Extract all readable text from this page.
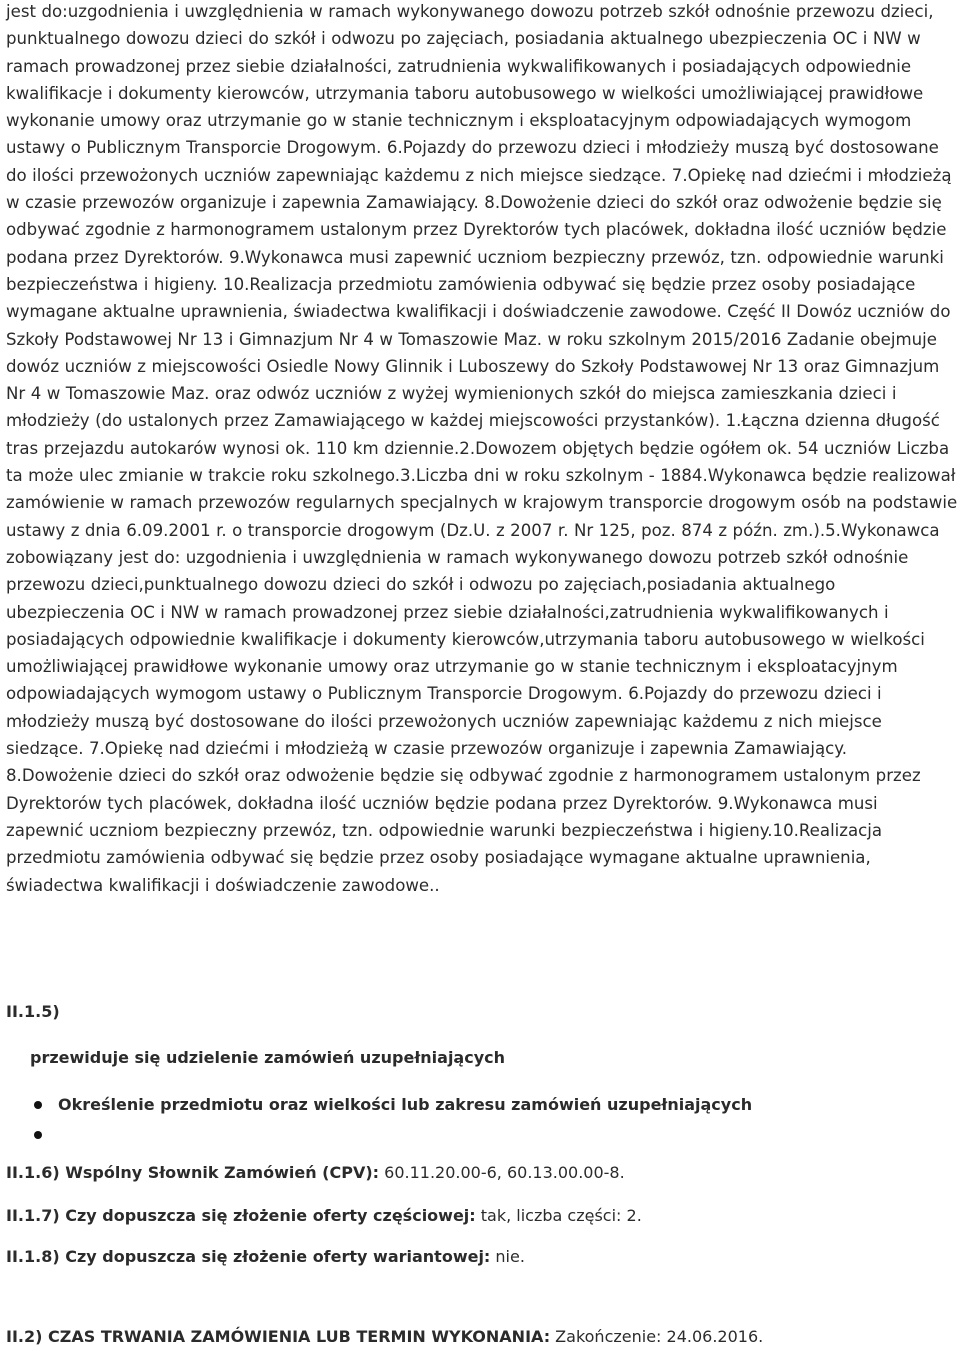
jest do:uzgodnienia i uwzględnienia w ramach wykonywanego dowozu potrzeb szkół odnośnie przewozu dzieci, punktualnego dowozu dzieci do szkół i odwozu po zajęciach, posiadania aktualnego ubezpieczenia OC i NW w ramach prowadzonej przez siebie działalności, zatrudnienia wykwalifikowanych i posiadających odpowiednie kwalifikacje i dokumenty kierowców, utrzymania taboru autobusowego w wielkości umożliwiającej prawidłowe wykonanie umowy oraz utrzymanie go w stanie technicznym i eksploatacyjnym odpowiadających wymogom ustawy o Publicznym Transporcie Drogowym. 6.Pojazdy do przewozu dzieci i młodzieży muszą być dostosowane do ilości przewożonych uczniów zapewniając każdemu z nich miejsce siedzące. 7.Opiekę nad dziećmi i młodzieżą w czasie przewozów organizuje i zapewnia Zamawiający. 8.Dowożenie dzieci do szkół oraz odwożenie będzie się odbywać zgodnie z harmonogramem ustalonym przez Dyrektorów tych placówek, dokładna ilość uczniów będzie podana przez Dyrektorów. 9.Wykonawca musi zapewnić uczniom bezpieczny przewóz, tzn. odpowiednie warunki bezpieczeństwa i higieny. 10.Realizacja przedmiotu zamówienia odbywać się będzie przez osoby posiadające wymagane aktualne uprawnienia, świadectwa kwalifikacji i doświadczenie zawodowe. Część II Dowóz uczniów do Szkoły Podstawowej Nr 13 i Gimnazjum Nr 4 w Tomaszowie Maz. w roku szkolnym 2015/2016 Zadanie obejmuje dowóz uczniów z miejscowości Osiedle Nowy Glinnik i Luboszewy do Szkoły Podstawowej Nr 13 oraz Gimnazjum Nr 4 w Tomaszowie Maz. oraz odwóz uczniów z wyżej wymienionych szkół do miejsca zamieszkania dzieci i młodzieży (do ustalonych przez Zamawiającego w każdej miejscowości przystanków). 1.Łączna dzienna długość tras przejazdu autokarów wynosi ok. 110 km dziennie.2.Dowozem objętych będzie ogółem ok. 54 uczniów Liczba ta może ulec zmianie w trakcie roku szkolnego.3.Liczba dni w roku szkolnym - 1884.Wykonawca będzie realizował zamówienie w ramach przewozów regularnych specjalnych w krajowym transporcie drogowym osób na podstawie ustawy z dnia 6.09.2001 r. o transporcie drogowym (Dz.U. z 2007 r. Nr 125, poz. 874 z późn. zm.).5.Wykonawca zobowiązany jest do: uzgodnienia i uwzględnienia w ramach wykonywanego dowozu potrzeb szkół odnośnie przewozu dzieci,punktualnego dowozu dzieci do szkół i odwozu po zajęciach,posiadania aktualnego ubezpieczenia OC i NW w ramach prowadzonej przez siebie działalności,zatrudnienia wykwalifikowanych i posiadających odpowiednie kwalifikacje i dokumenty kierowców,utrzymania taboru autobusowego w wielkości umożliwiającej prawidłowe wykonanie umowy oraz utrzymanie go w stanie technicznym i eksploatacyjnym odpowiadających wymogom ustawy o Publicznym Transporcie Drogowym. 6.Pojazdy do przewozu dzieci i młodzieży muszą być dostosowane do ilości przewożonych uczniów zapewniając każdemu z nich miejsce siedzące. 7.Opiekę nad dziećmi i młodzieżą w czasie przewozów organizuje i zapewnia Zamawiający. 8.Dowożenie dzieci do szkół oraz odwożenie będzie się odbywać zgodnie z harmonogramem ustalonym przez Dyrektorów tych placówek, dokładna ilość uczniów będzie podana przez Dyrektorów. 9.Wykonawca musi zapewnić uczniom bezpieczny przewóz, tzn. odpowiednie warunki bezpieczeństwa i higieny.10.Realizacja przedmiotu zamówienia odbywać się będzie przez osoby posiadające wymagane aktualne uprawnienia, świadectwa kwalifikacji i doświadczenie zawodowe..

II.1.5)

przewiduje się udzielenie zamówień uzupełniających

Określenie przedmiotu oraz wielkości lub zakresu zamówień uzupełniających

II.1.6) Wspólny Słownik Zamówień (CPV): 60.11.20.00-6, 60.13.00.00-8.

II.1.7) Czy dopuszcza się złożenie oferty częściowej: tak, liczba części: 2.

II.1.8) Czy dopuszcza się złożenie oferty wariantowej: nie.

II.2) CZAS TRWANIA ZAMÓWIENIA LUB TERMIN WYKONANIA: Zakończenie: 24.06.2016.
